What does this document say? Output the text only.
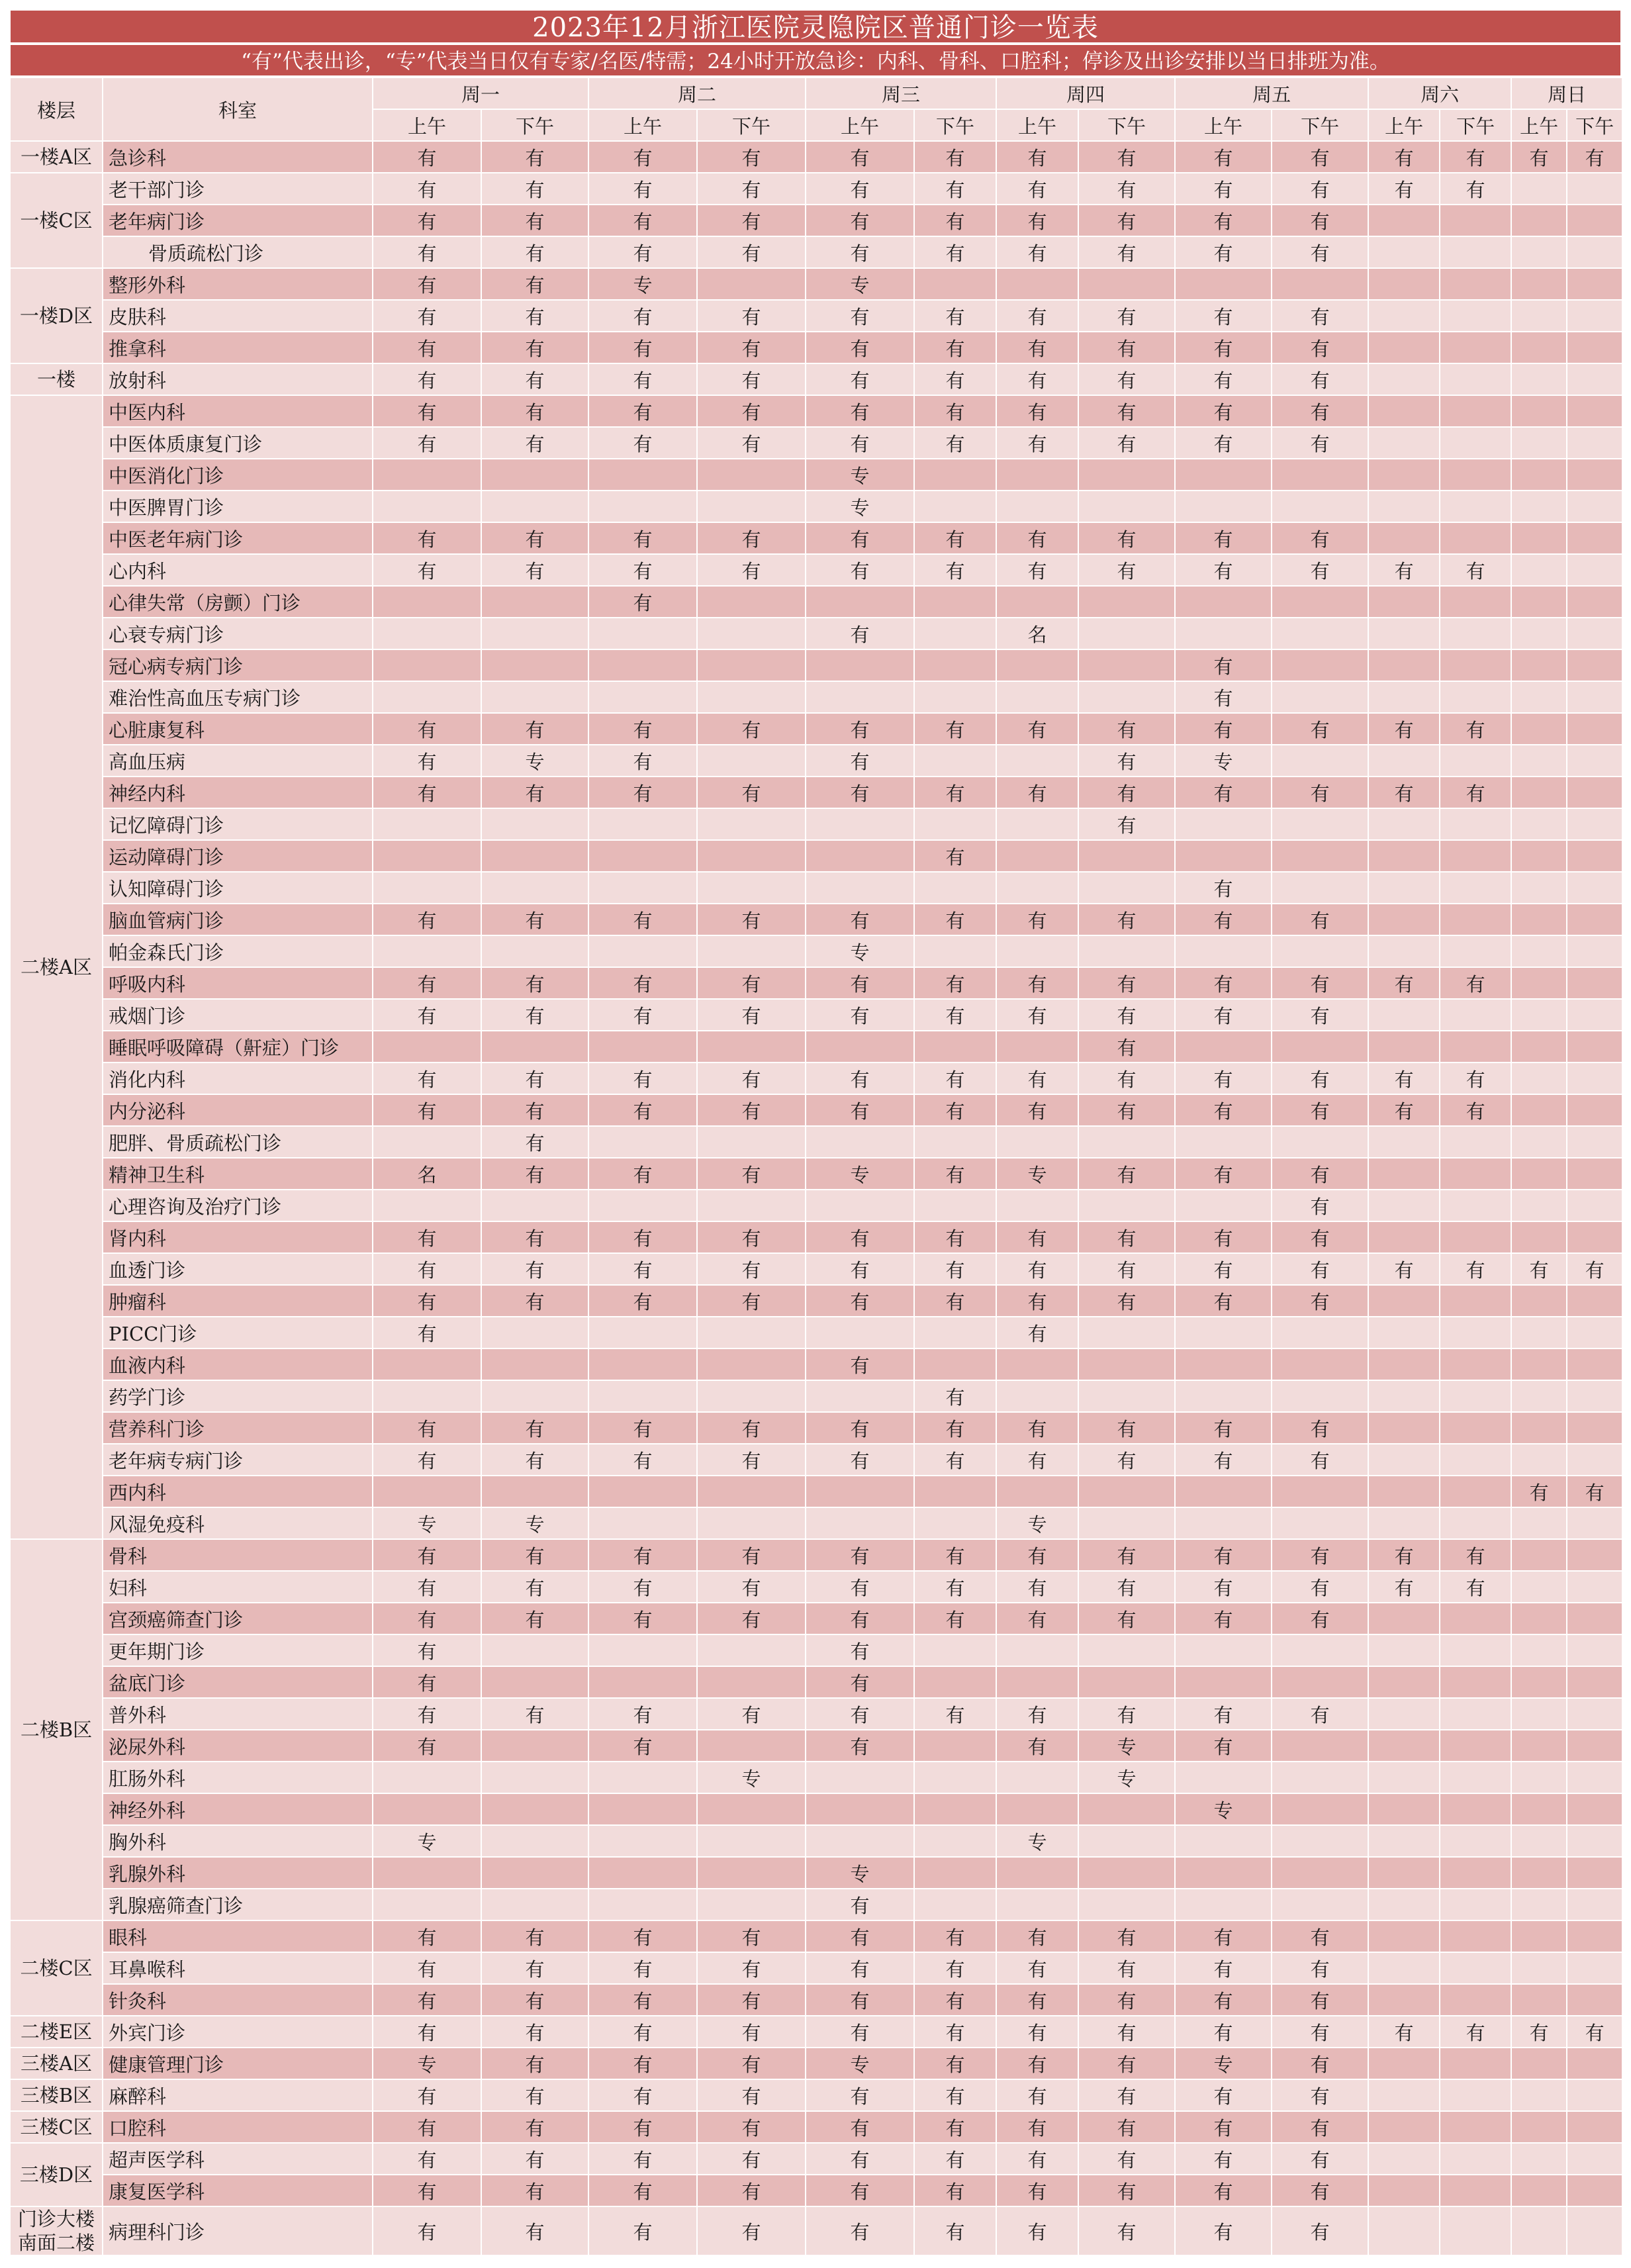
2023年12月浙江医院灵隐院区普通门诊一览表
“有”代表出诊，“专”代表当日仅有专家/名医/特需；24小时开放急诊：内科、骨科、口腔科；停诊及出诊安排以当日排班为准。
楼层	科室	周一		周二		周三		周四		周五		周六		周日	
		上午	下午	上午	下午	上午	下午	上午	下午	上午	下午	上午	下午	上午	下午
一楼A区	急诊科	有	有	有	有	有	有	有	有	有	有	有	有	有	有
一楼C区	老干部门诊	有	有	有	有	有	有	有	有	有	有	有	有		
	老年病门诊	有	有	有	有	有	有	有	有	有	有				
	骨质疏松门诊	有	有	有	有	有	有	有	有	有	有				
一楼D区	整形外科	有	有	专		专									
	皮肤科	有	有	有	有	有	有	有	有	有	有				
	推拿科	有	有	有	有	有	有	有	有	有	有				
一楼	放射科	有	有	有	有	有	有	有	有	有	有				
二楼A区	中医内科	有	有	有	有	有	有	有	有	有	有				
	中医体质康复门诊	有	有	有	有	有	有	有	有	有	有				
	中医消化门诊					专									
	中医脾胃门诊					专									
	中医老年病门诊	有	有	有	有	有	有	有	有	有	有				
	心内科	有	有	有	有	有	有	有	有	有	有	有	有		
	心律失常（房颤）门诊			有											
	心衰专病门诊					有		名							
	冠心病专病门诊									有					
	难治性高血压专病门诊									有					
	心脏康复科	有	有	有	有	有	有	有	有	有	有	有	有		
	高血压病	有	专	有		有			有	专					
	神经内科	有	有	有	有	有	有	有	有	有	有	有	有		
	记忆障碍门诊								有						
	运动障碍门诊						有								
	认知障碍门诊									有					
	脑血管病门诊	有	有	有	有	有	有	有	有	有	有				
	帕金森氏门诊					专									
	呼吸内科	有	有	有	有	有	有	有	有	有	有	有	有		
	戒烟门诊	有	有	有	有	有	有	有	有	有	有				
	睡眠呼吸障碍（鼾症）门诊								有						
	消化内科	有	有	有	有	有	有	有	有	有	有	有	有		
	内分泌科	有	有	有	有	有	有	有	有	有	有	有	有		
	肥胖、骨质疏松门诊		有												
	精神卫生科	名	有	有	有	专	有	专	有	有	有				
	心理咨询及治疗门诊										有				
	肾内科	有	有	有	有	有	有	有	有	有	有				
	血透门诊	有	有	有	有	有	有	有	有	有	有	有	有	有	有
	肿瘤科	有	有	有	有	有	有	有	有	有	有				
	PICC门诊	有						有							
	血液内科					有									
	药学门诊						有								
	营养科门诊	有	有	有	有	有	有	有	有	有	有				
	老年病专病门诊	有	有	有	有	有	有	有	有	有	有				
	西内科													有	有
	风湿免疫科	专	专					专							
二楼B区	骨科	有	有	有	有	有	有	有	有	有	有	有	有		
	妇科	有	有	有	有	有	有	有	有	有	有	有	有		
	宫颈癌筛查门诊	有	有	有	有	有	有	有	有	有	有				
	更年期门诊	有				有									
	盆底门诊	有				有									
	普外科	有	有	有	有	有	有	有	有	有	有				
	泌尿外科	有		有		有		有	专	有					
	肛肠外科				专				专						
	神经外科									专					
	胸外科	专						专							
	乳腺外科					专									
	乳腺癌筛查门诊					有									
二楼C区	眼科	有	有	有	有	有	有	有	有	有	有				
	耳鼻喉科	有	有	有	有	有	有	有	有	有	有				
	针灸科	有	有	有	有	有	有	有	有	有	有				
二楼E区	外宾门诊	有	有	有	有	有	有	有	有	有	有	有	有	有	有
三楼A区	健康管理门诊	专	有	有	有	专	有	有	有	专	有				
三楼B区	麻醉科	有	有	有	有	有	有	有	有	有	有				
三楼C区	口腔科	有	有	有	有	有	有	有	有	有	有				
三楼D区	超声医学科	有	有	有	有	有	有	有	有	有	有				
	康复医学科	有	有	有	有	有	有	有	有	有	有				
门诊大楼南面二楼	病理科门诊	有	有	有	有	有	有	有	有	有	有				
